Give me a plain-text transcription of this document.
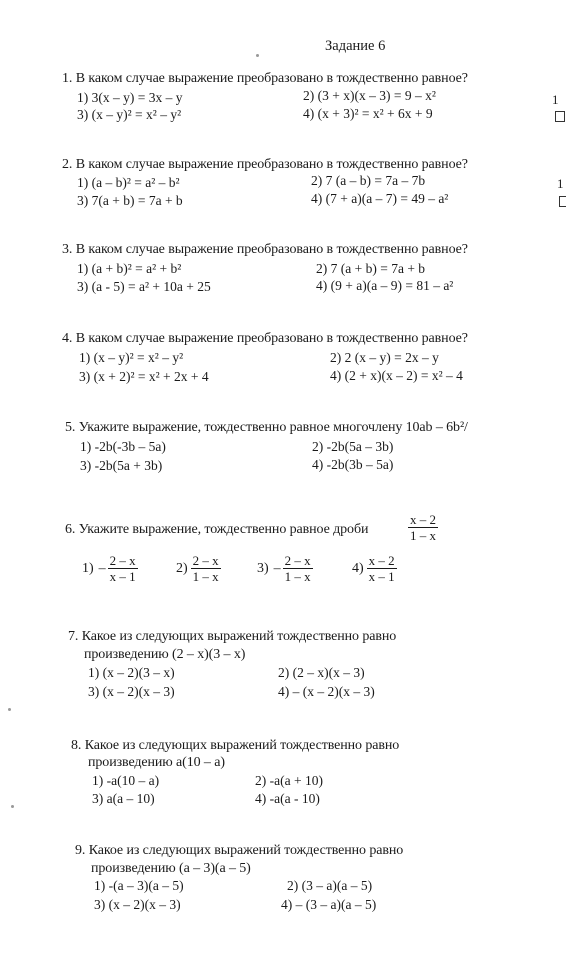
Задание 6
1
1
1. В каком случае выражение преобразовано в тождественно равное?
1) 3(x – y) = 3x – y	2) (3 + x)(x – 3) = 9 – x²
3) (x – y)² = x² – y²	4) (x + 3)² = x² + 6x + 9
2. В каком случае выражение преобразовано в тождественно равное?
1) (a – b)² = a² – b²	2) 7 (a – b) = 7a – 7b
3) 7(a + b) = 7a + b	4) (7 + a)(a – 7) = 49 – a²
3. В каком случае выражение преобразовано в тождественно равное?
1) (a + b)² = a² + b²	2) 7 (a + b) = 7a + b
3) (a - 5) = a² + 10a + 25	4) (9 + a)(a – 9) = 81 – a²
4. В каком случае выражение преобразовано в тождественно равное?
1) (x – y)² = x² – y²	2) 2 (x – y) = 2x – y
3) (x + 2)² = x² + 2x + 4	4) (2 + x)(x – 2) = x² – 4
5. Укажите выражение, тождественно равное многочлену 10ab – 6b²/
1) -2b(-3b – 5a)	2) -2b(5a – 3b)
3) -2b(5a + 3b)	4) -2b(3b – 5a)
6. Укажите выражение, тождественно равное дроби	$\frac{x - 2}{1 - x}$
$1) - \frac{2 - x}{x - 1}$	$2) \frac{2 - x}{1 - x}$	$3) - \frac{2 - x}{1 - x}$	$4) \frac{x - 2}{x - 1}$
7. Какое из следующих выражений тождественно равно
произведению (2 – x)(3 – x)
1) (x – 2)(3 – x)	2) (2 – x)(x – 3)
3) (x – 2)(x – 3)	4) – (x – 2)(x – 3)
8. Какое из следующих выражений тождественно равно
произведению a(10 – a)
1) -a(10 – a)	2) -a(a + 10)
3) a(a – 10)	4) -a(a - 10)
9. Какое из следующих выражений тождественно равно
произведению (a – 3)(a – 5)
1) -(a – 3)(a – 5)	2) (3 – a)(a – 5)
3) (x – 2)(x – 3)	4) – (3 – a)(a – 5)
